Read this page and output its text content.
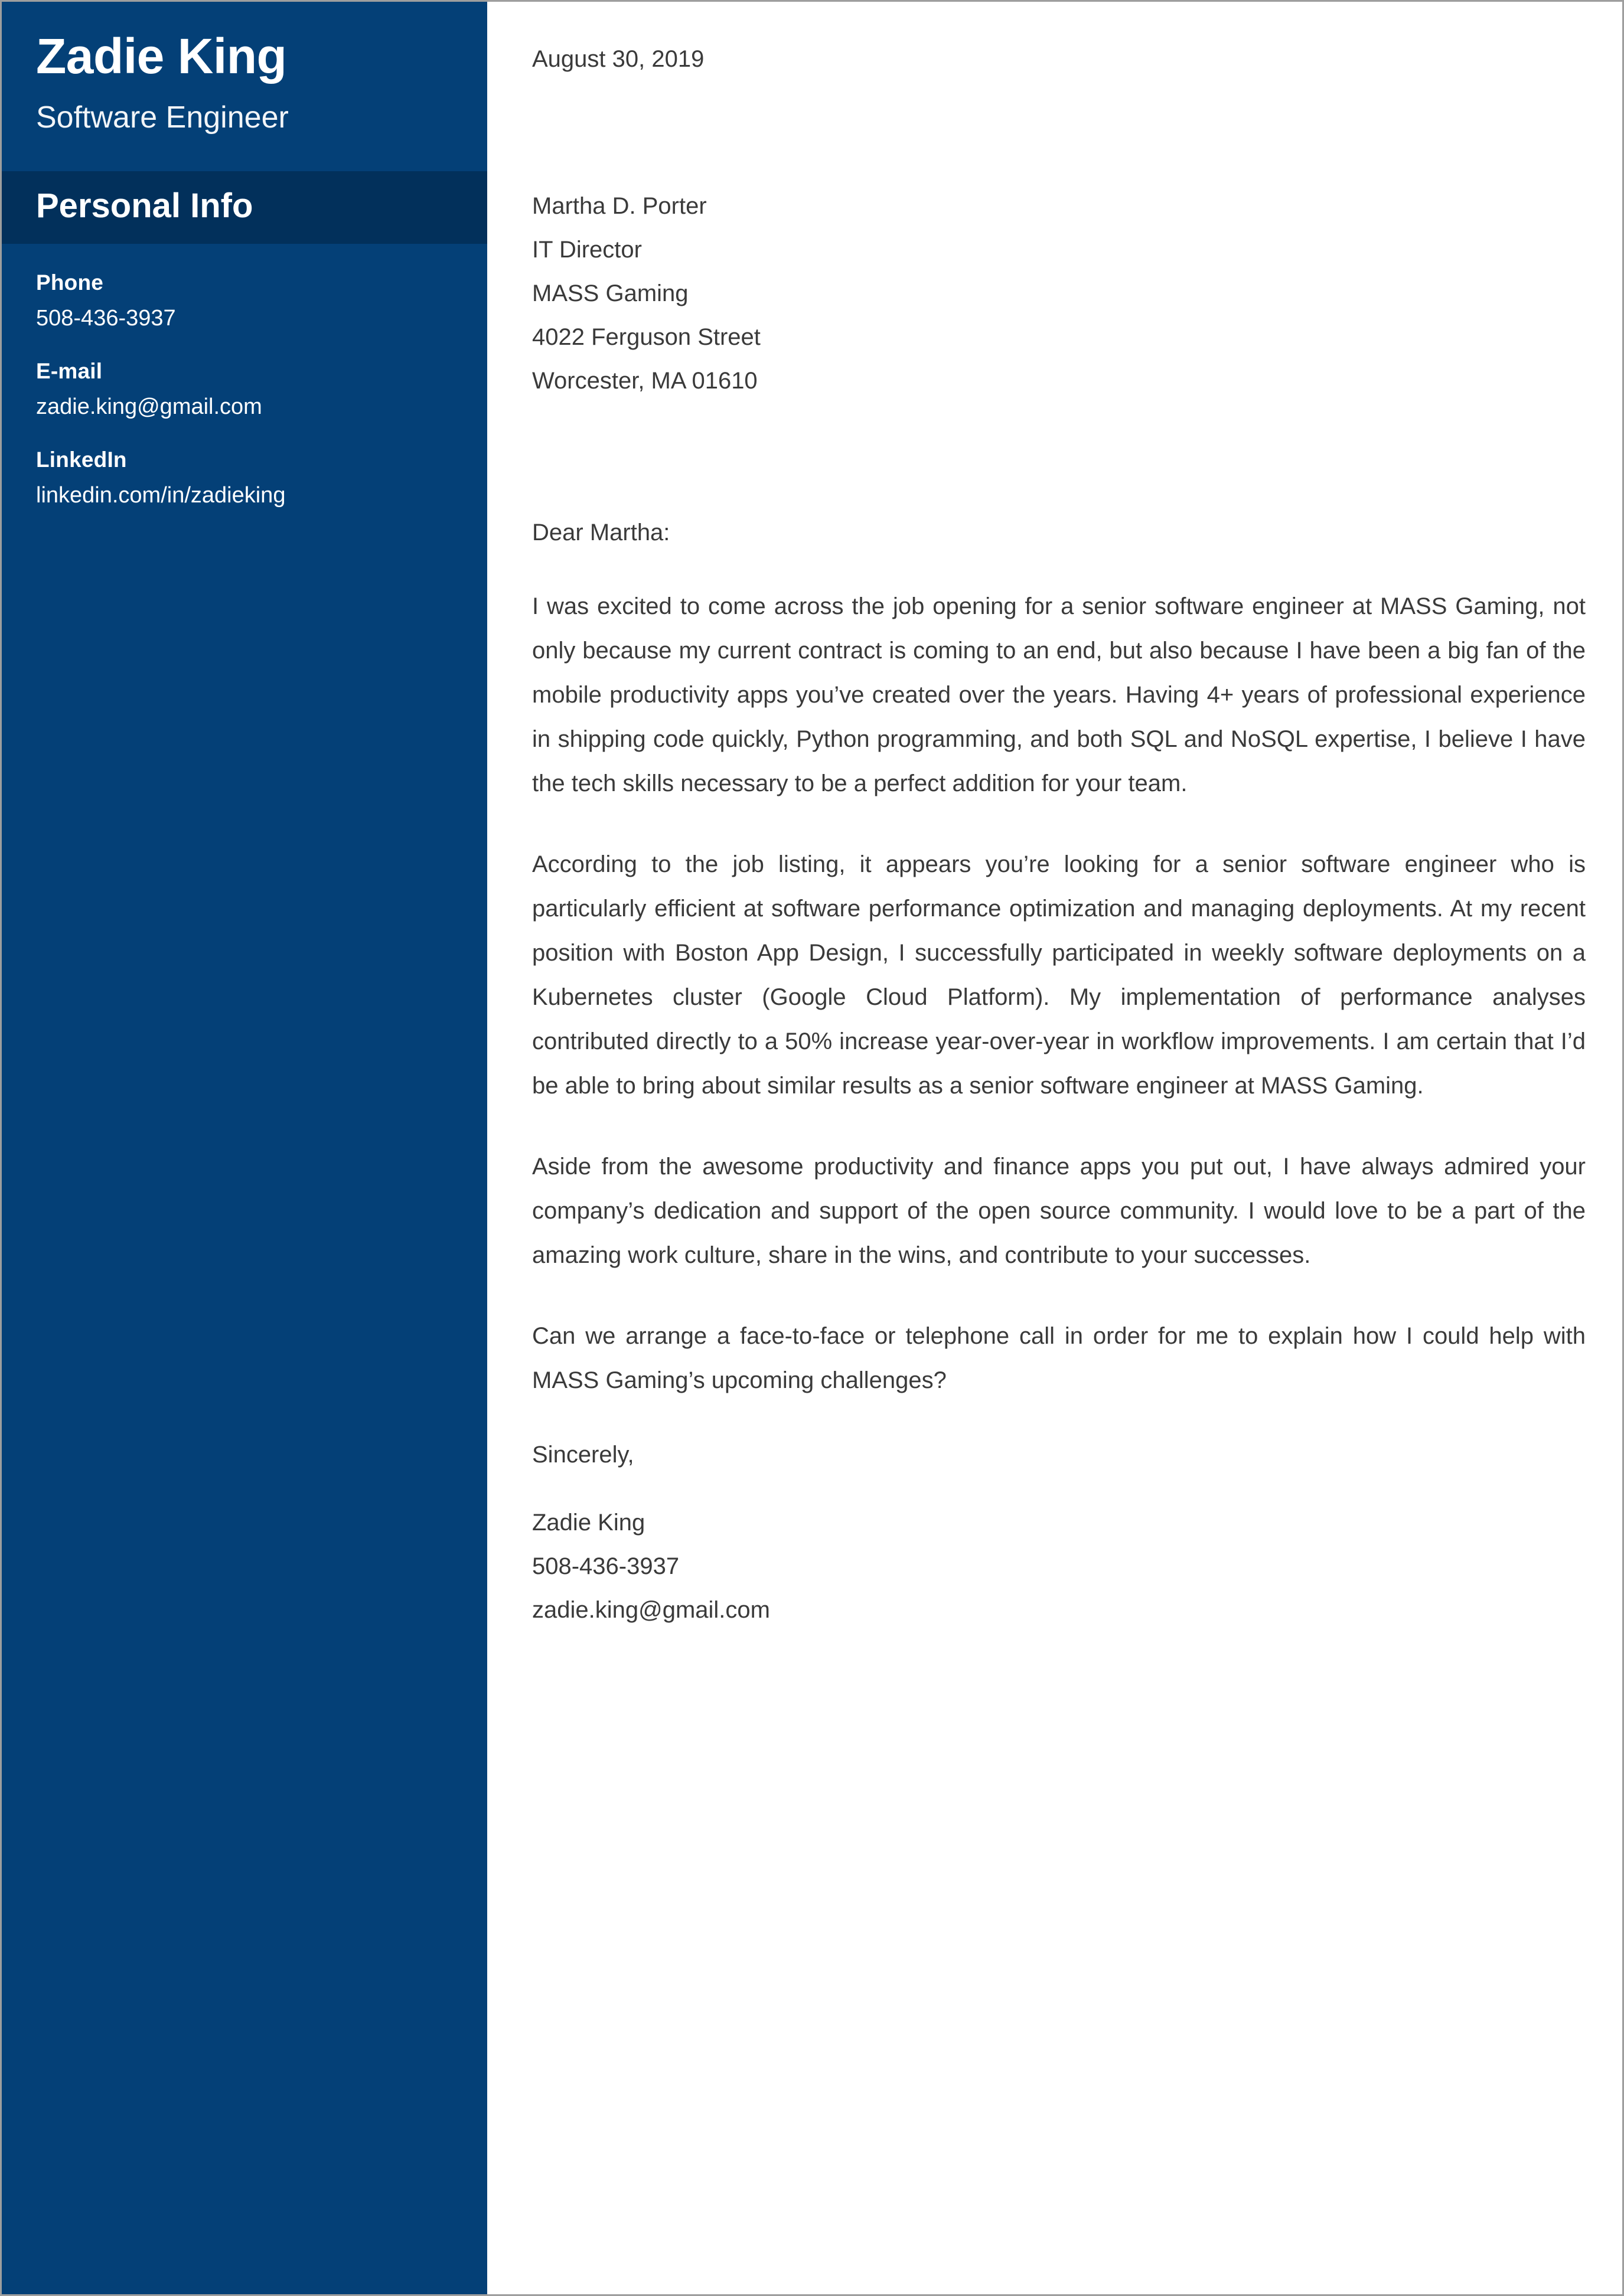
Zadie King
Software Engineer
Personal Info
Phone
508-436-3937
E-mail
zadie.king@gmail.com
LinkedIn
linkedin.com/in/zadieking
August 30, 2019
Martha D. Porter
IT Director
MASS Gaming
4022 Ferguson Street
Worcester, MA 01610
Dear Martha:

I was excited to come across the job opening for a senior software engineer at MASS Gaming, not only because my current contract is coming to an end, but also because I have been a big fan of the mobile productivity apps you’ve created over the years. Having 4+ years of professional experience in shipping code quickly, Python programming, and both SQL and NoSQL expertise, I believe I have the tech skills necessary to be a perfect addition for your team.

According to the job listing, it appears you’re looking for a senior software engineer who is particularly efficient at software performance optimization and managing deployments. At my recent position with Boston App Design, I successfully participated in weekly software deployments on a Kubernetes cluster (Google Cloud Platform). My implementation of performance analyses contributed directly to a 50% increase year-over-year in workflow improvements. I am certain that I’d be able to bring about similar results as a senior software engineer at MASS Gaming.

Aside from the awesome productivity and finance apps you put out, I have always admired your company’s dedication and support of the open source community. I would love to be a part of the amazing work culture, share in the wins, and contribute to your successes.

Can we arrange a face-to-face or telephone call in order for me to explain how I could help with MASS Gaming’s upcoming challenges?

Sincerely,
Zadie King
508-436-3937
zadie.king@gmail.com
